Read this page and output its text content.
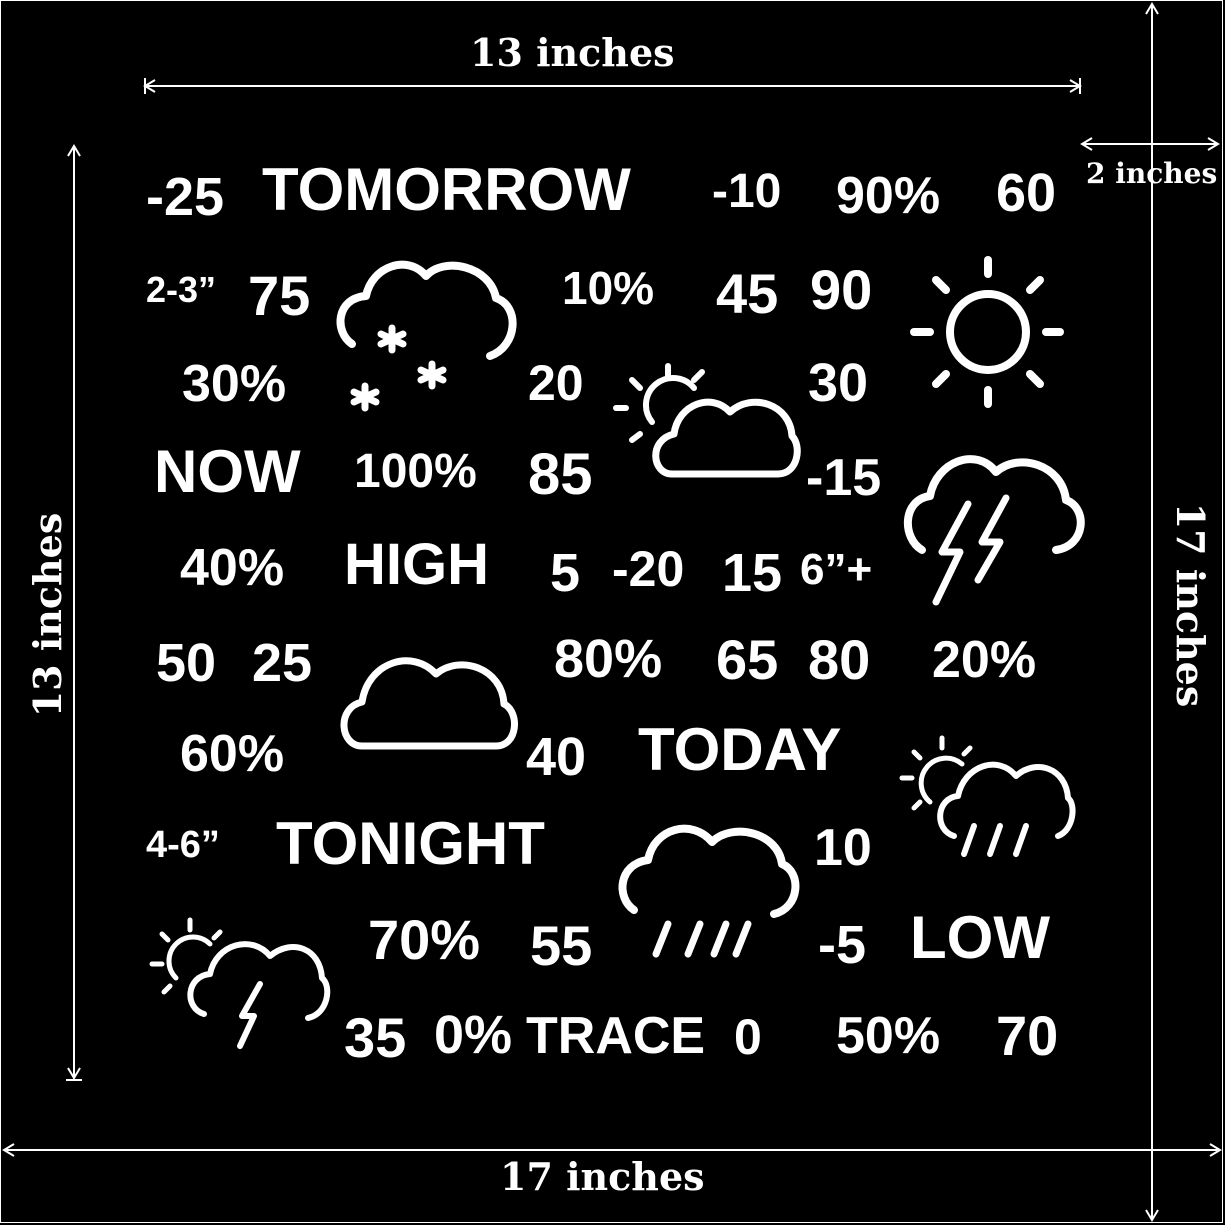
13 inches
17 inches
2 inches
13 inches	17 inches
-25 TOMORROW -10 90% 60
2-3” 75	10% 45 90
30%	20	30
NOW 100% 85	-15
40% HIGH 5 -20 15 6”+
50 25	80% 65 80 20%
60%	40 TODAY
4-6” TONIGHT	10
70% 55	-5 LOW
35 0% TRACE 0 50% 70
